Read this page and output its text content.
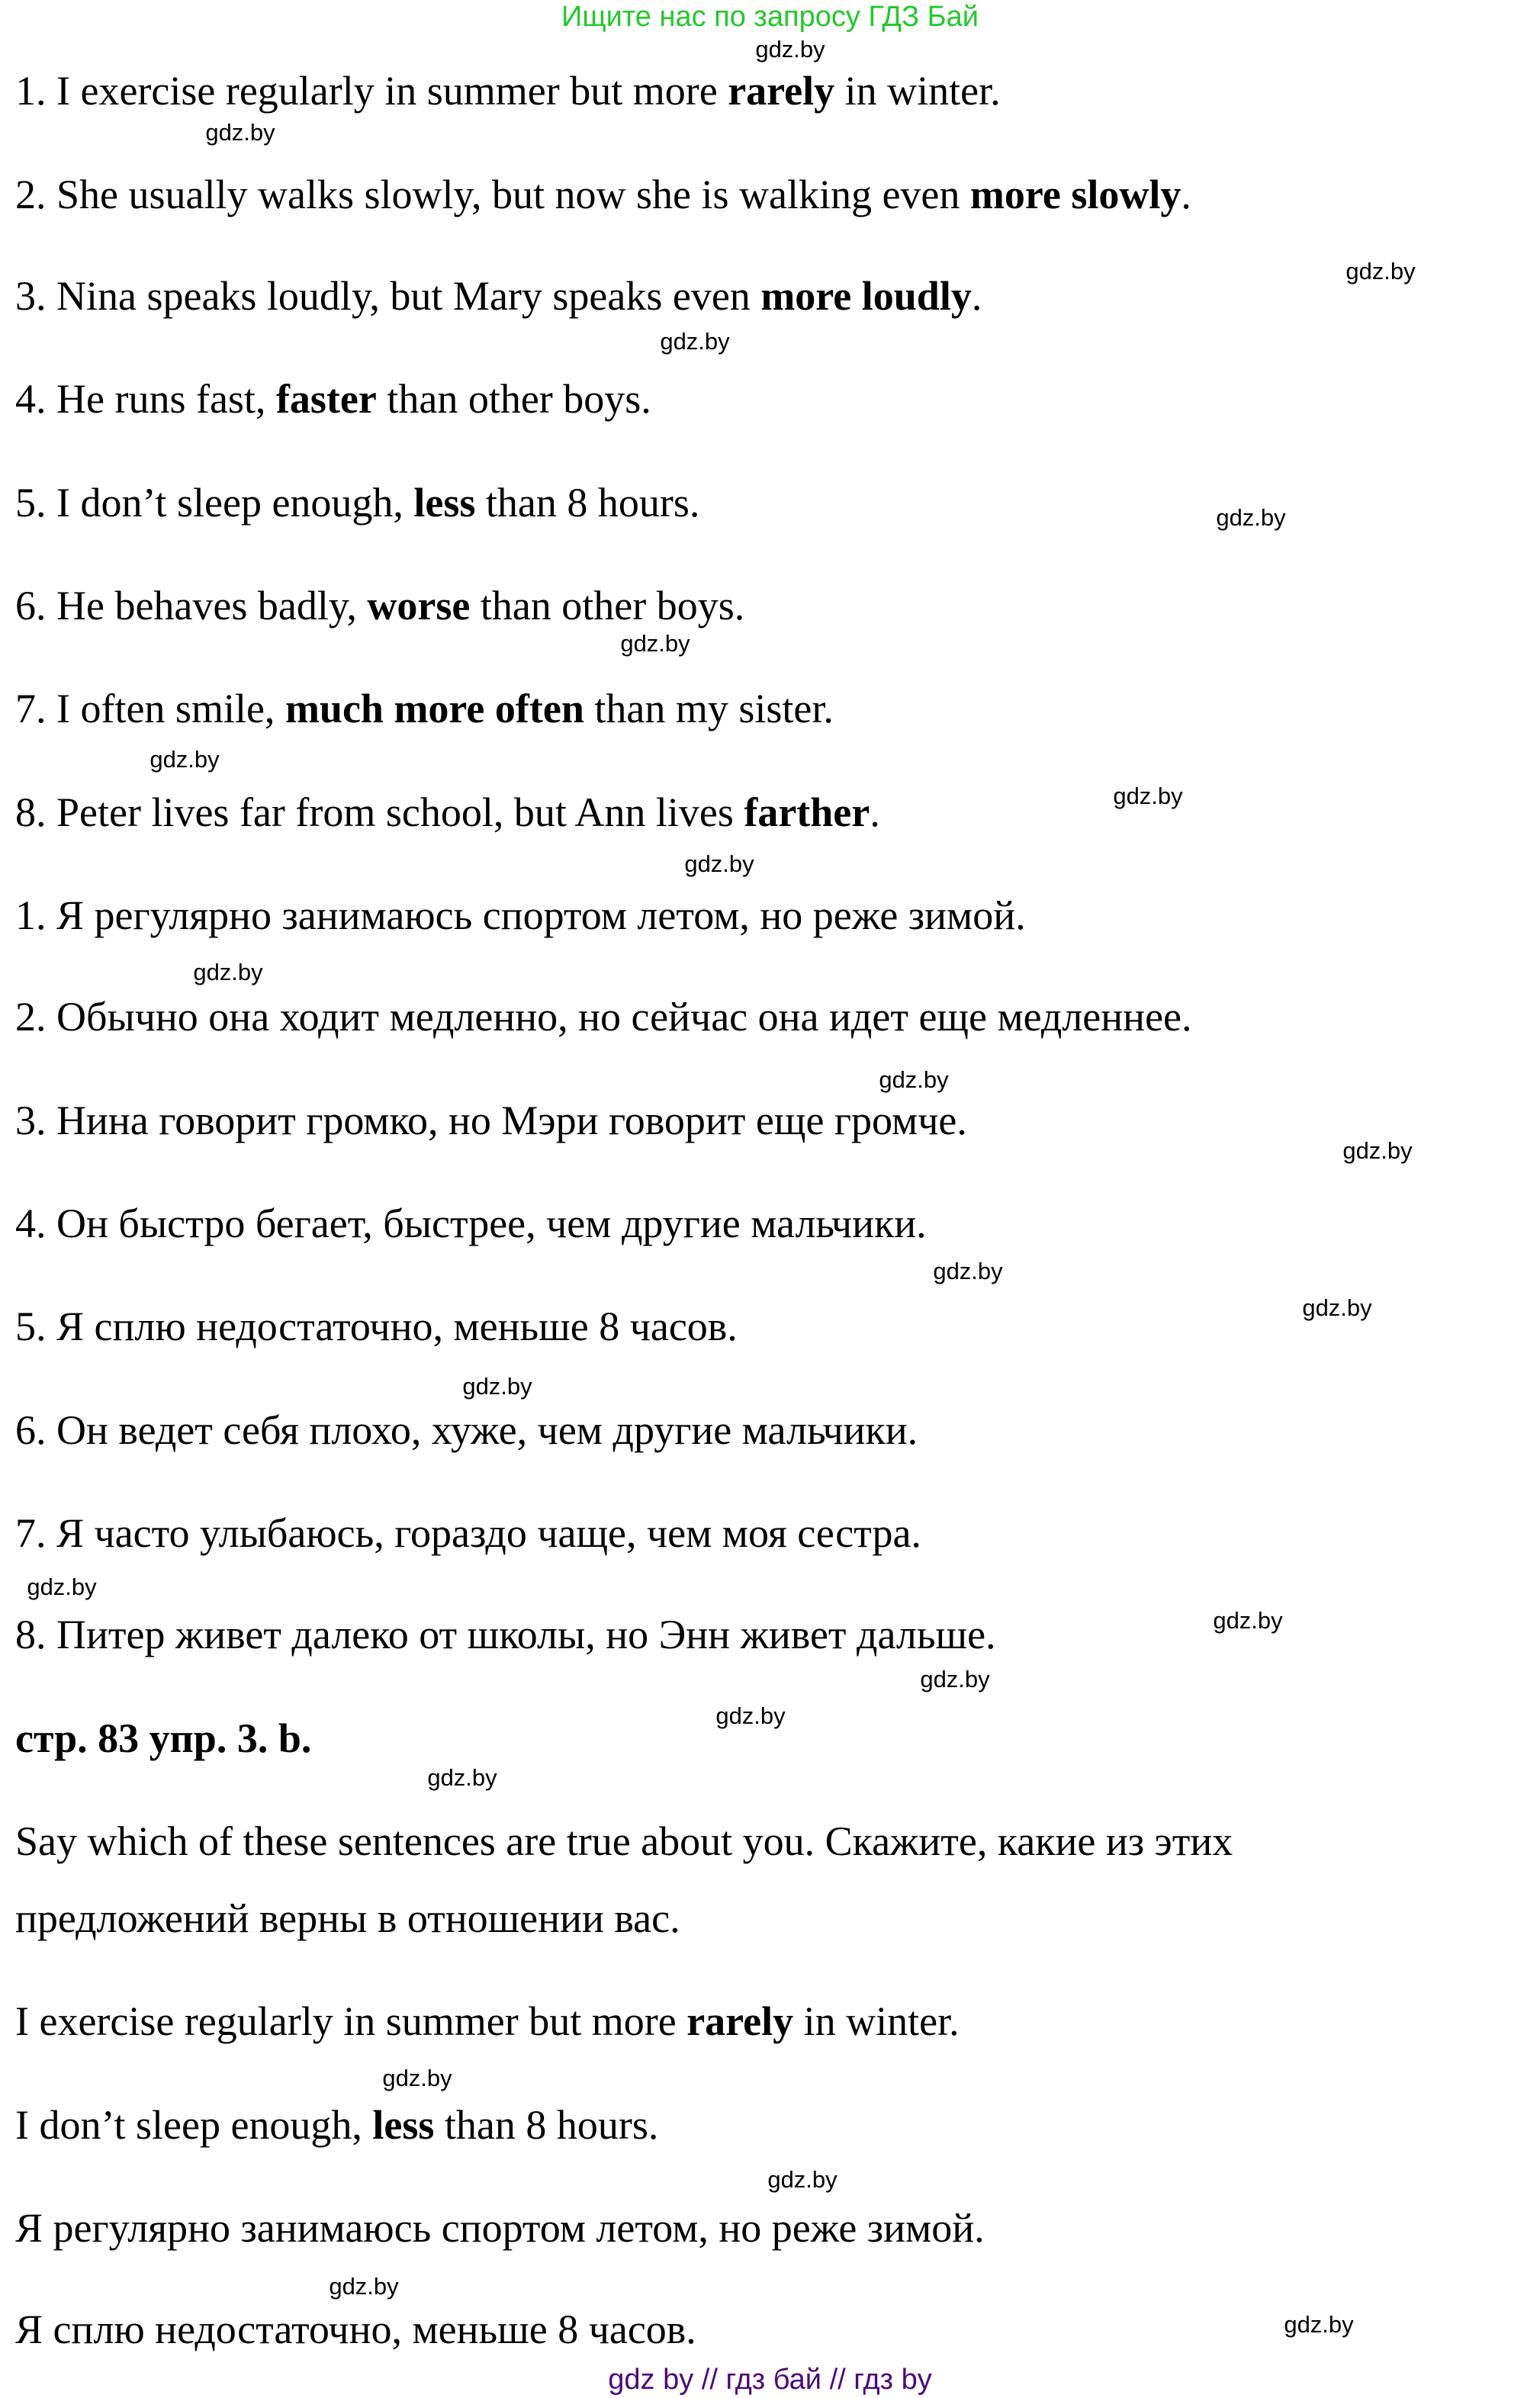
Ищите нас по запросу ГДЗ Бай
1. I exercise regularly in summer but more rarely in winter.
2. She usually walks slowly, but now she is walking even more slowly.
3. Nina speaks loudly, but Mary speaks even more loudly.
4. He runs fast, faster than other boys.
5. I don’t sleep enough, less than 8 hours.
6. He behaves badly, worse than other boys.
7. I often smile, much more often than my sister.
8. Peter lives far from school, but Ann lives farther.
1. Я регулярно занимаюсь спортом летом, но реже зимой.
2. Обычно она ходит медленно, но сейчас она идет еще медленнее.
3. Нина говорит громко, но Мэри говорит еще громче.
4. Он быстро бегает, быстрее, чем другие мальчики.
5. Я сплю недостаточно, меньше 8 часов.
6. Он ведет себя плохо, хуже, чем другие мальчики.
7. Я часто улыбаюсь, гораздо чаще, чем моя сестра.
8. Питер живет далеко от школы, но Энн живет дальше.
стр. 83 упр. 3. b.
Say which of these sentences are true about you. Скажите, какие из этих
предложений верны в отношении вас.
I exercise regularly in summer but more rarely in winter.
I don’t sleep enough, less than 8 hours.
Я регулярно занимаюсь спортом летом, но реже зимой.
Я сплю недостаточно, меньше 8 часов.
gdz.by
gdz.by
gdz.by
gdz.by
gdz.by
gdz.by
gdz.by
gdz.by
gdz.by
gdz.by
gdz.by
gdz.by
gdz.by
gdz.by
gdz.by
gdz.by
gdz.by
gdz.by
gdz.by
gdz.by
gdz.by
gdz.by
gdz.by
gdz.by
gdz by // гдз бай // гдз by
